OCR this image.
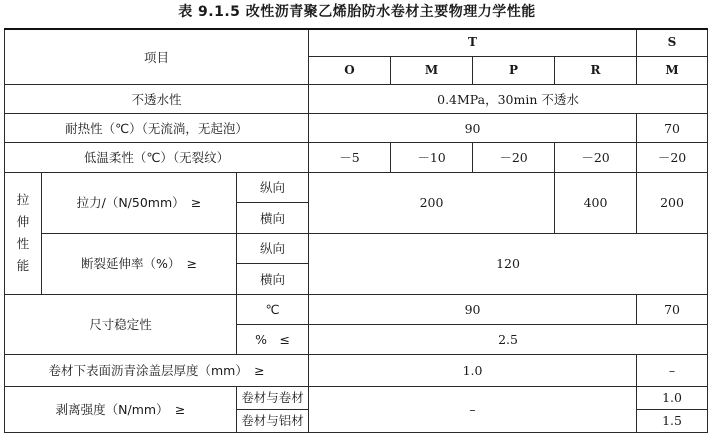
表 9.1.5 改性沥青聚乙烯胎防水卷材主要物理力学性能
项目			T				S
			O	M	P	R	M
不透水性			0.4MPa，30min 不透水				
耐热性（℃）（无流淌，无起泡）			90				70
低温柔性（℃）（无裂纹）			－5	－10	－20	－20	－20
拉伸性能	拉力/（N/50mm）　≥	纵向	200			400	200
		横向					
	断裂延伸率（%）　≥	纵向	120				
		横向					
尺寸稳定性		℃	90				70
		%　≤	2.5				
卷材下表面沥青涂盖层厚度（mm）　≥			1.0				–
剥离强度（N/mm）　≥		卷材与卷材	–				1.0
		卷材与铝材					1.5
